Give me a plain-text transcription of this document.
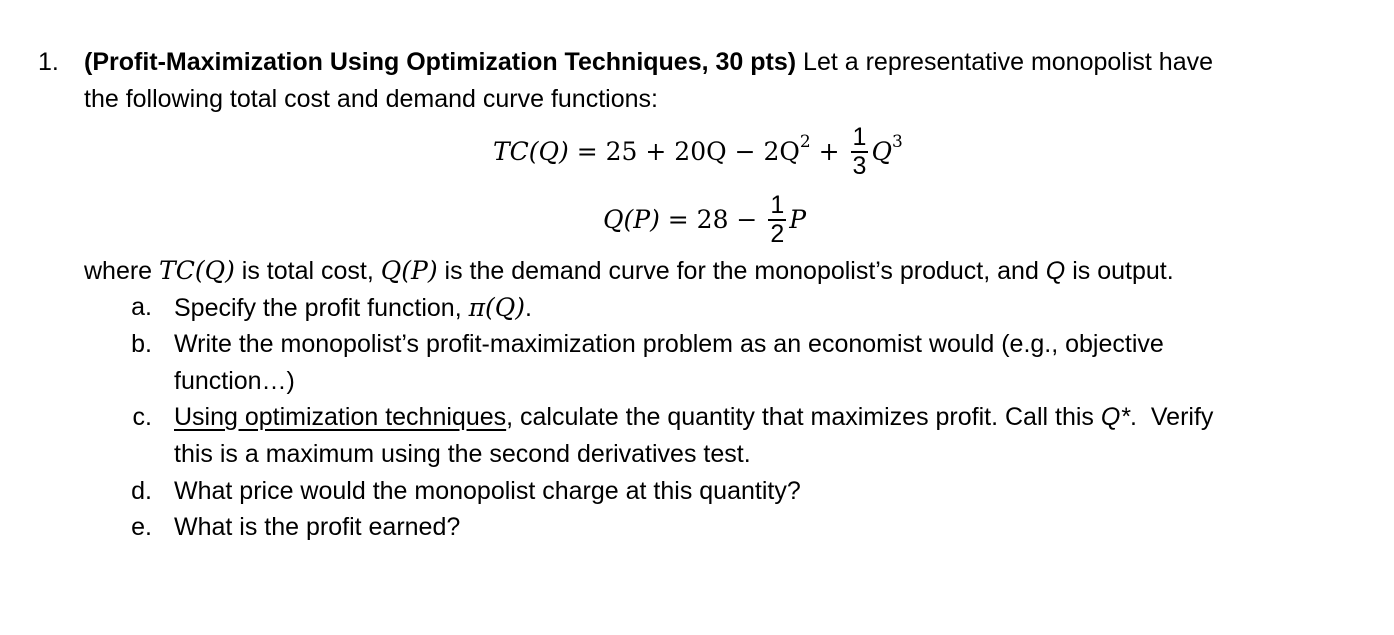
1. (Profit-Maximization Using Optimization Techniques, 30 pts) Let a representative monopolist have
the following total cost and demand curve functions:
TC(Q) = 25 + 20Q − 2Q $2 + \frac{1}{3}$ Q 3
$Q(P) = 28 - \frac{1}{2}$ P
where TC(Q) is total cost, Q(P) is the demand curve for the monopolist’s product, and Q is output.
a. Specify the profit function, π(Q).
b. Write the monopolist’s profit-maximization problem as an economist would (e.g., objective
function…)
c. Using optimization techniques, calculate the quantity that maximizes profit. Call this Q*.  Verify
this is a maximum using the second derivatives test.
d. What price would the monopolist charge at this quantity?
e. What is the profit earned?
